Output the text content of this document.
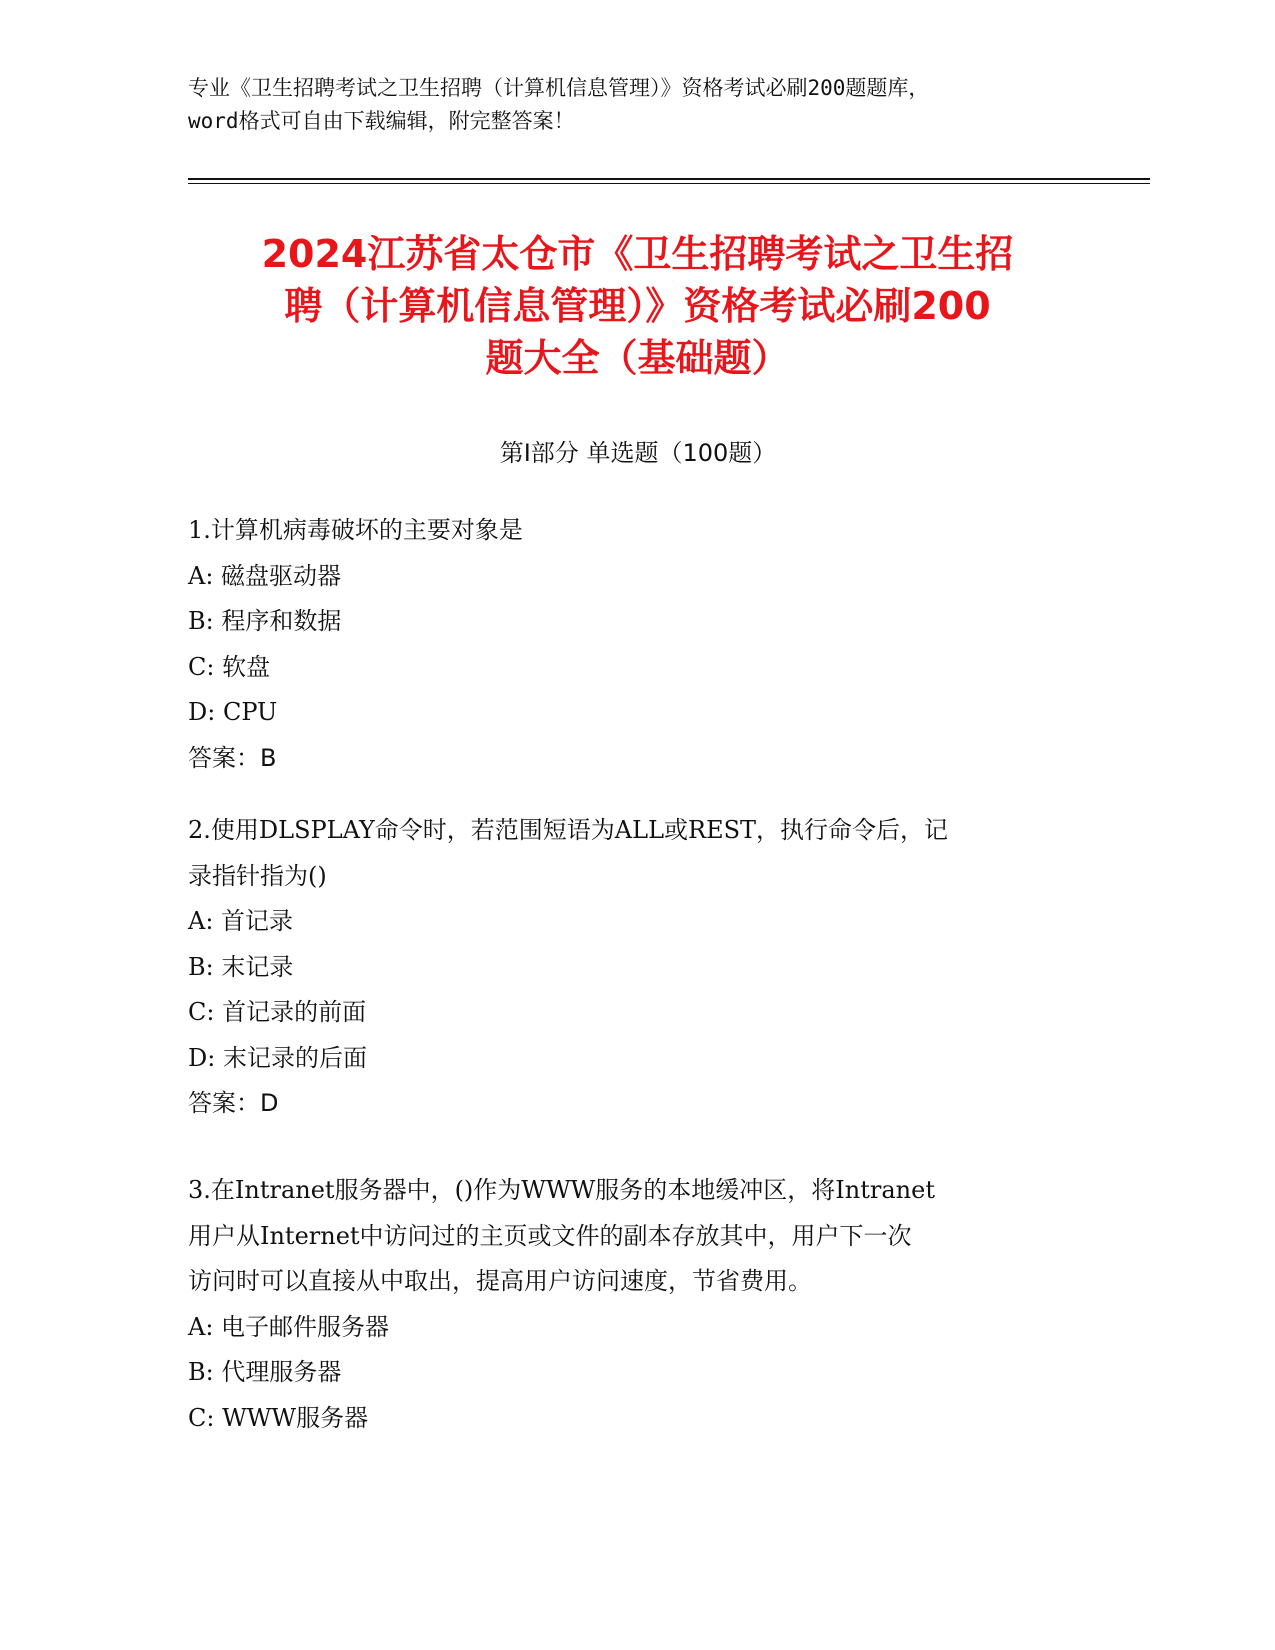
专业《卫生招聘考试之卫生招聘（计算机信息管理）》资格考试必刷200题题库，
word格式可自由下载编辑，附完整答案！
2024江苏省太仓市《卫生招聘考试之卫生招
聘（计算机信息管理）》资格考试必刷200
题大全（基础题）
第I部分 单选题（100题）
1.计算机病毒破坏的主要对象是
A: 磁盘驱动器
B: 程序和数据
C: 软盘
D: CPU
答案：B
2.使用DLSPLAY命令时，若范围短语为ALL或REST，执行命令后，记
录指针指为()
A: 首记录
B: 末记录
C: 首记录的前面
D: 末记录的后面
答案：D
3.在Intranet服务器中，()作为WWW服务的本地缓冲区，将Intranet
用户从Internet中访问过的主页或文件的副本存放其中，用户下一次
访问时可以直接从中取出，提高用户访问速度，节省费用。
A: 电子邮件服务器
B: 代理服务器
C: WWW服务器
